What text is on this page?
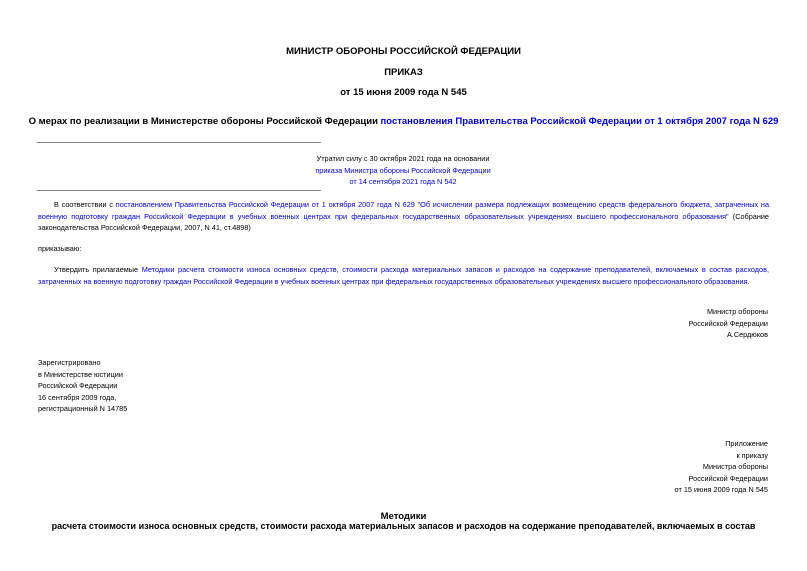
МИНИСТР ОБОРОНЫ РОССИЙСКОЙ ФЕДЕРАЦИИ
ПРИКАЗ
от 15 июня 2009 года N 545
О мерах по реализации в Министерстве обороны Российской Федерации постановления Правительства Российской Федерации от 1 октября 2007 года N 629
Утратил силу с 30 октября 2021 года на основании
приказа Министра обороны Российской Федерации
от 14 сентября 2021 года N 542
В соответствии с постановлением Правительства Российской Федерации от 1 октября 2007 года N 629 "Об исчислении размера подлежащих возмещению средств федерального бюджета, затраченных на военную подготовку граждан Российской Федерации в учебных военных центрах при федеральных государственных образовательных учреждениях высшего профессионального образования" (Собрание законодательства Российской Федерации, 2007, N 41, ст.4898)
приказываю:
Утвердить прилагаемые Методики расчета стоимости износа основных средств, стоимости расхода материальных запасов и расходов на содержание преподавателей, включаемых в состав расходов, затраченных на военную подготовку граждан Российской Федерации в учебных военных центрах при федеральных государственных образовательных учреждениях высшего профессионального образования.
Министр обороны
Российской Федерации
А.Сердюков
Зарегистрировано
в Министерстве юстиции
Российской Федерации
16 сентября 2009 года,
регистрационный N 14785
Приложение
к приказу
Министра обороны
Российской Федерации
от 15 июня 2009 года N 545
Методики
расчета стоимости износа основных средств, стоимости расхода материальных запасов и расходов на содержание преподавателей, включаемых в состав
